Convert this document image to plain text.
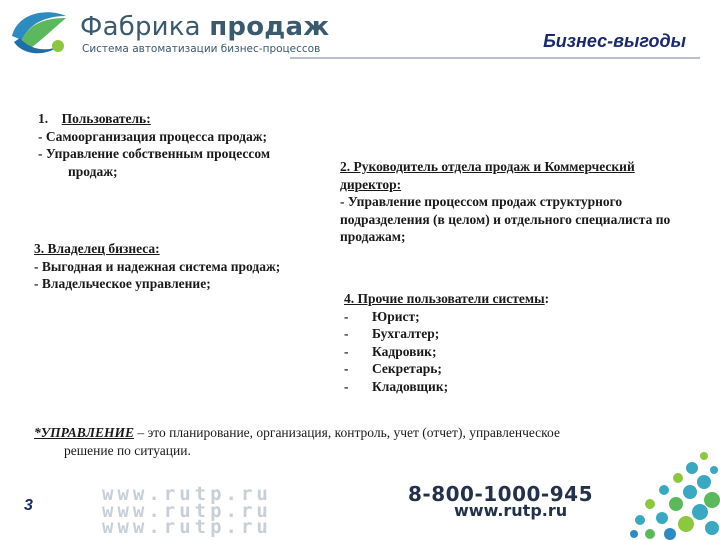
Фабрика продаж
Система автоматизации бизнес-процессов	Бизнес-выгоды
1. Пользователь:
- Самоорганизация процесса продаж;
- Управление собственным процессом
продаж;
3. Владелец бизнеса:
- Выгодная и надежная система продаж;
- Владельческое управление;
2. Руководитель отдела продаж и Коммерческий директор:
- Управление процессом продаж структурного подразделения (в целом) и отдельного специалиста по продажам;
4. Прочие пользователи системы:
-	Юрист;
-	Бухгалтер;
-	Кадровик;
-	Секретарь;
-	Кладовщик;
*УПРАВЛЕНИЕ – это планирование, организация, контроль, учет (отчет), управленческое
решение по ситуации.
3
www.rutp.ru
www.rutp.ru
www.rutp.ru
8-800-1000-945
www.rutp.ru
